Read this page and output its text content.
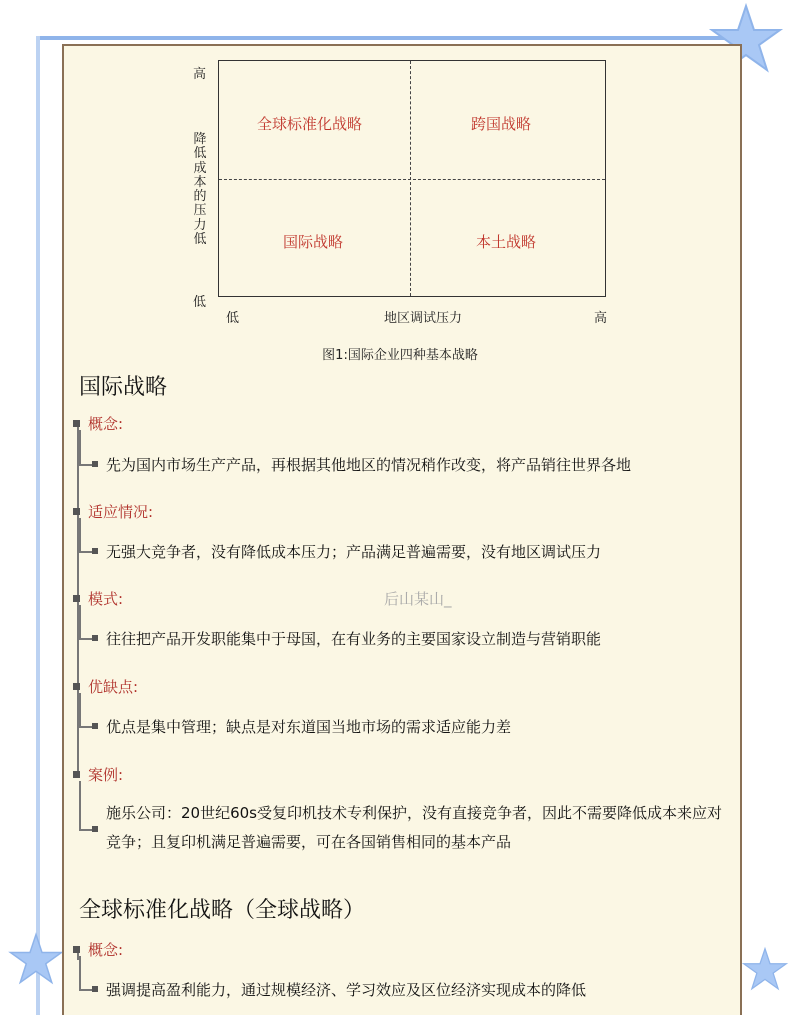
高
降低成本的压力低
低
全球标准化战略	跨国战略
国际战略	本土战略
低	地区调试压力	高
图1:国际企业四种基本战略
国际战略
概念:
先为国内市场生产产品，再根据其他地区的情况稍作改变，将产品销往世界各地
适应情况:
无强大竞争者，没有降低成本压力；产品满足普遍需要，没有地区调试压力
模式:
往往把产品开发职能集中于母国，在有业务的主要国家设立制造与营销职能
优缺点:
优点是集中管理；缺点是对东道国当地市场的需求适应能力差
案例:
施乐公司：20世纪60s受复印机技术专利保护，没有直接竞争者，因此不需要降低成本来应对竞争；且复印机满足普遍需要，可在各国销售相同的基本产品
后山某山_
全球标准化战略（全球战略）
概念:
强调提高盈利能力，通过规模经济、学习效应及区位经济实现成本的降低
